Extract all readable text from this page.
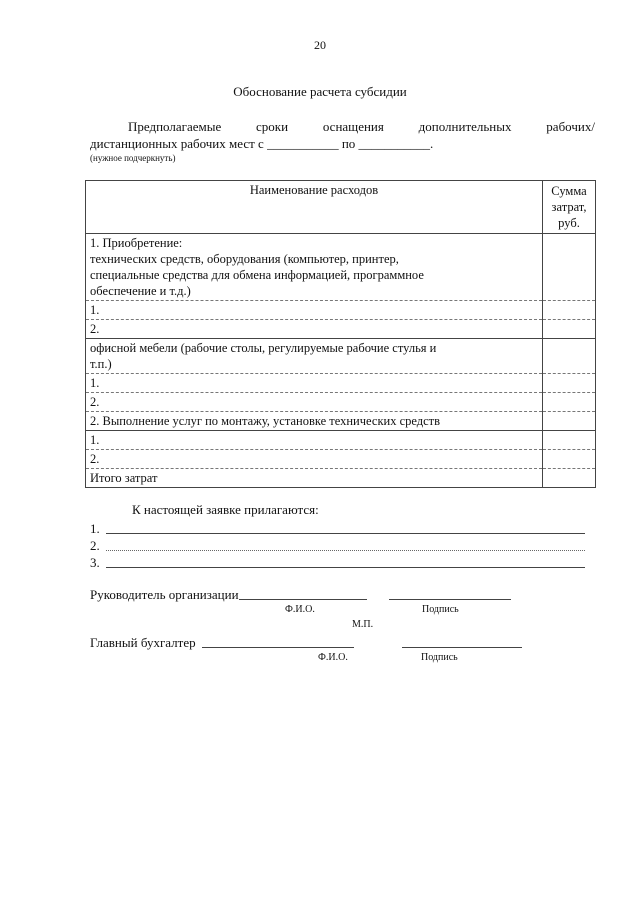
20
Обоснование расчета субсидии
Предполагаемые	сроки	оснащения	дополнительных	рабочих/
дистанционных рабочих мест с ___________ по ___________.
(нужное подчеркнуть)
Наименование расходов	Сумма затрат, руб.

1. Приобретение:
технических средств, оборудования (компьютер, принтер,
специальные средства для обмена информацией, программное
обеспечение и т.д.)	

1.	
2.	

офисной мебели (рабочие столы, регулируемые рабочие стулья и
т.п.)	

1.	
2.	
2. Выполнение услуг по монтажу, установке технических средств	
1.	
2.	
Итого затрат	
К настоящей заявке прилагаются:
1.
2.
3.
Руководитель организации
Ф.И.О.	Подпись
М.П.
Главный бухгалтер
Ф.И.О.	Подпись
